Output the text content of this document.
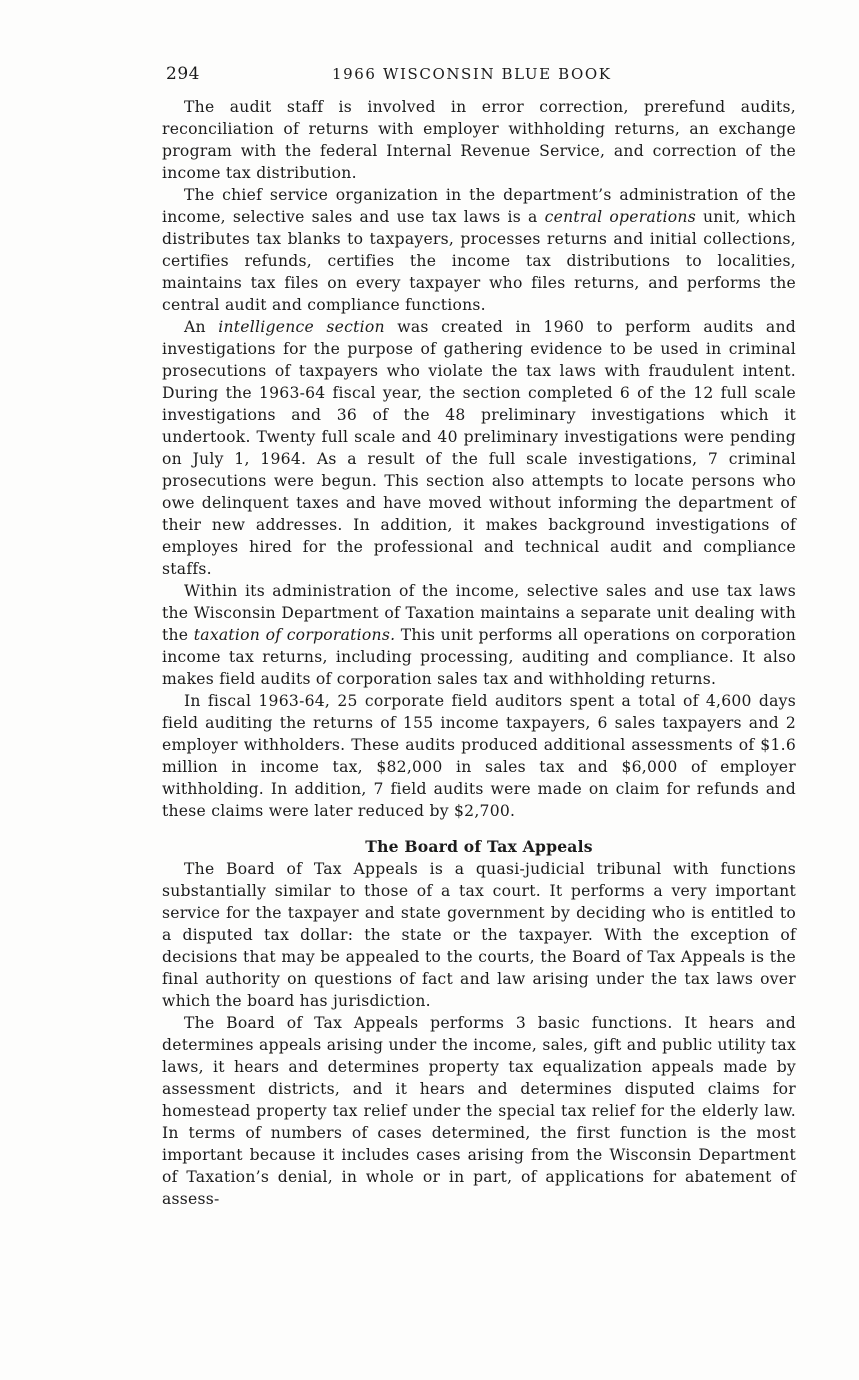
294	1966 WISCONSIN BLUE BOOK

The audit staff is involved in error correction, prerefund audits, reconciliation of returns with employer withholding returns, an exchange program with the federal Internal Revenue Service, and correction of the income tax distribution.

The chief service organization in the department’s administration of the income, selective sales and use tax laws is a central operations unit, which distributes tax blanks to taxpayers, processes returns and initial collections, certifies refunds, certifies the income tax distributions to localities, maintains tax files on every taxpayer who files returns, and performs the central audit and compliance functions.

An intelligence section was created in 1960 to perform audits and investigations for the purpose of gathering evidence to be used in criminal prosecutions of taxpayers who violate the tax laws with fraudulent intent. During the 1963-64 fiscal year, the section completed 6 of the 12 full scale investigations and 36 of the 48 preliminary investigations which it undertook. Twenty full scale and 40 preliminary investigations were pending on July 1, 1964. As a result of the full scale investigations, 7 criminal prosecutions were begun. This section also attempts to locate persons who owe delinquent taxes and have moved without informing the department of their new addresses. In addition, it makes background investigations of employes hired for the professional and technical audit and compliance staffs.

Within its administration of the income, selective sales and use tax laws the Wisconsin Department of Taxation maintains a separate unit dealing with the taxation of corporations. This unit performs all operations on corporation income tax returns, including processing, auditing and compliance. It also makes field audits of corporation sales tax and withholding returns.

In fiscal 1963-64, 25 corporate field auditors spent a total of 4,600 days field auditing the returns of 155 income taxpayers, 6 sales taxpayers and 2 employer withholders. These audits produced additional assessments of $1.6 million in income tax, $82,000 in sales tax and $6,000 of employer withholding. In addition, 7 field audits were made on claim for refunds and these claims were later reduced by $2,700.

The Board of Tax Appeals

The Board of Tax Appeals is a quasi-judicial tribunal with functions substantially similar to those of a tax court. It performs a very important service for the taxpayer and state government by deciding who is entitled to a disputed tax dollar: the state or the taxpayer. With the exception of decisions that may be appealed to the courts, the Board of Tax Appeals is the final authority on questions of fact and law arising under the tax laws over which the board has jurisdiction.

The Board of Tax Appeals performs 3 basic functions. It hears and determines appeals arising under the income, sales, gift and public utility tax laws, it hears and determines property tax equalization appeals made by assessment districts, and it hears and determines disputed claims for homestead property tax relief under the special tax relief for the elderly law. In terms of numbers of cases determined, the first function is the most important because it includes cases arising from the Wisconsin Department of Taxation’s denial, in whole or in part, of applications for abatement of assess-
